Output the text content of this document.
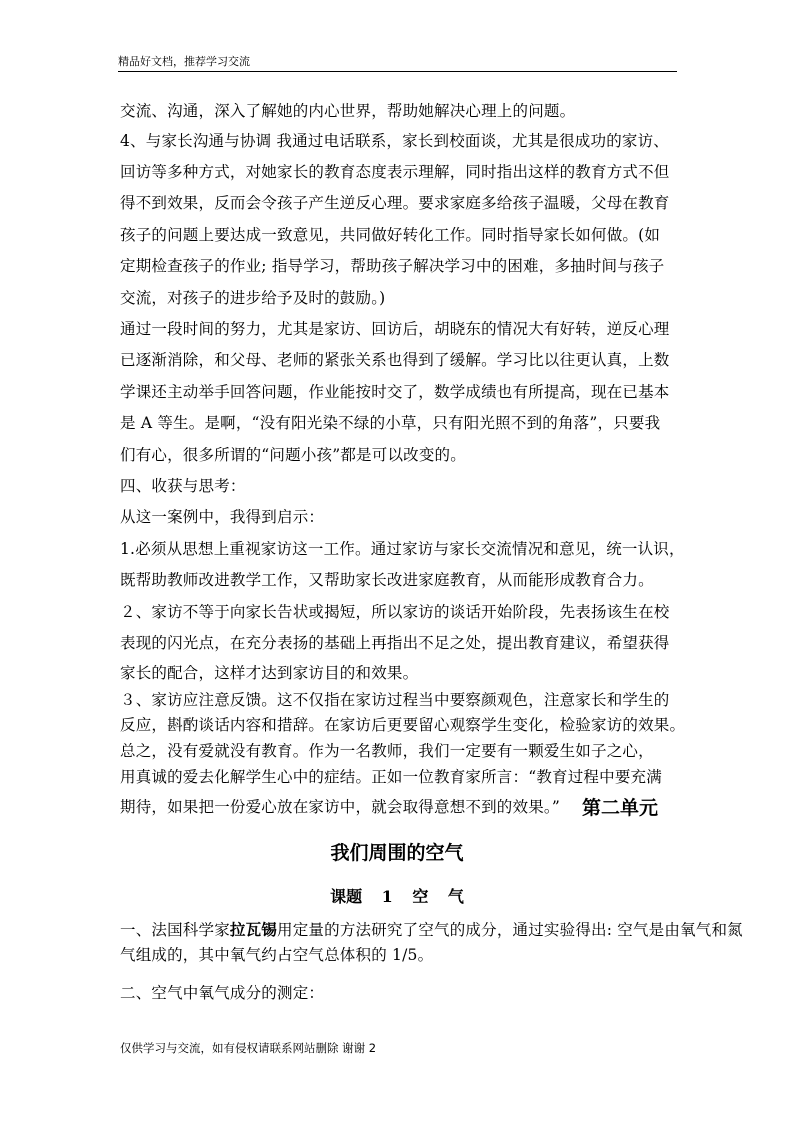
精品好文档，推荐学习交流
交流、沟通，深入了解她的内心世界，帮助她解决心理上的问题。
4、与家长沟通与协调 我通过电话联系，家长到校面谈，尤其是很成功的家访、
回访等多种方式，对她家长的教育态度表示理解，同时指出这样的教育方式不但
得不到效果，反而会令孩子产生逆反心理。要求家庭多给孩子温暖，父母在教育
孩子的问题上要达成一致意见，共同做好转化工作。同时指导家长如何做。(如
定期检查孩子的作业; 指导学习，帮助孩子解决学习中的困难，多抽时间与孩子
交流，对孩子的进步给予及时的鼓励。)
通过一段时间的努力，尤其是家访、回访后，胡晓东的情况大有好转，逆反心理
已逐渐消除，和父母、老师的紧张关系也得到了缓解。学习比以往更认真，上数
学课还主动举手回答问题，作业能按时交了，数学成绩也有所提高，现在已基本
是 A 等生。是啊，“没有阳光染不绿的小草，只有阳光照不到的角落”，只要我
们有心，很多所谓的“问题小孩”都是可以改变的。
四、收获与思考：
从这一案例中，我得到启示：
1.必须从思想上重视家访这一工作。通过家访与家长交流情况和意见，统一认识，
既帮助教师改进教学工作，又帮助家长改进家庭教育，从而能形成教育合力。
２、家访不等于向家长告状或揭短，所以家访的谈话开始阶段，先表扬该生在校
表现的闪光点，在充分表扬的基础上再指出不足之处，提出教育建议，希望获得
家长的配合，这样才达到家访目的和效果。
３、家访应注意反馈。这不仅指在家访过程当中要察颜观色，注意家长和学生的
反应，斟酌谈话内容和措辞。在家访后更要留心观察学生变化，检验家访的效果。
总之，没有爱就没有教育。作为一名教师，我们一定要有一颗爱生如子之心，
用真诚的爱去化解学生心中的症结。正如一位教育家所言：“教育过程中要充满
期待，如果把一份爱心放在家访中，就会取得意想不到的效果。” 第二单元
我们周围的空气
课题 1 空 气
一、法国科学家拉瓦锡用定量的方法研究了空气的成分，通过实验得出: 空气是由氧气和氮
气组成的，其中氧气约占空气总体积的 1/5。
二、空气中氧气成分的测定：
仅供学习与交流，如有侵权请联系网站删除 谢谢 2
